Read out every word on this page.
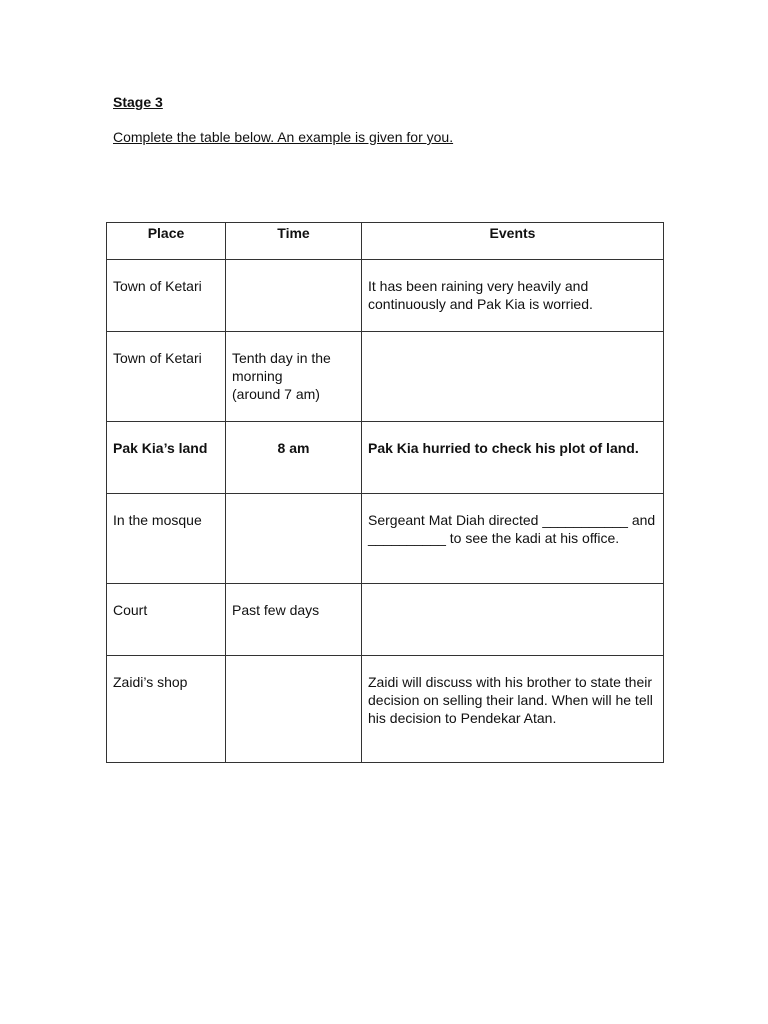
Stage 3

Complete the table below. An example is given for you.

Place	Time	Events
Town of Ketari		It has been raining very heavily and continuously and Pak Kia is worried.
Town of Ketari	Tenth day in the morning
(around 7 am)	
Pak Kia’s land	8 am	Pak Kia hurried to check his plot of land.
In the mosque		Sergeant Mat Diah directed ___________ and __________ to see the kadi at his office.
Court	Past few days	
Zaidi’s shop		Zaidi will discuss with his brother to state their decision on selling their land. When will he tell his decision to Pendekar Atan.
